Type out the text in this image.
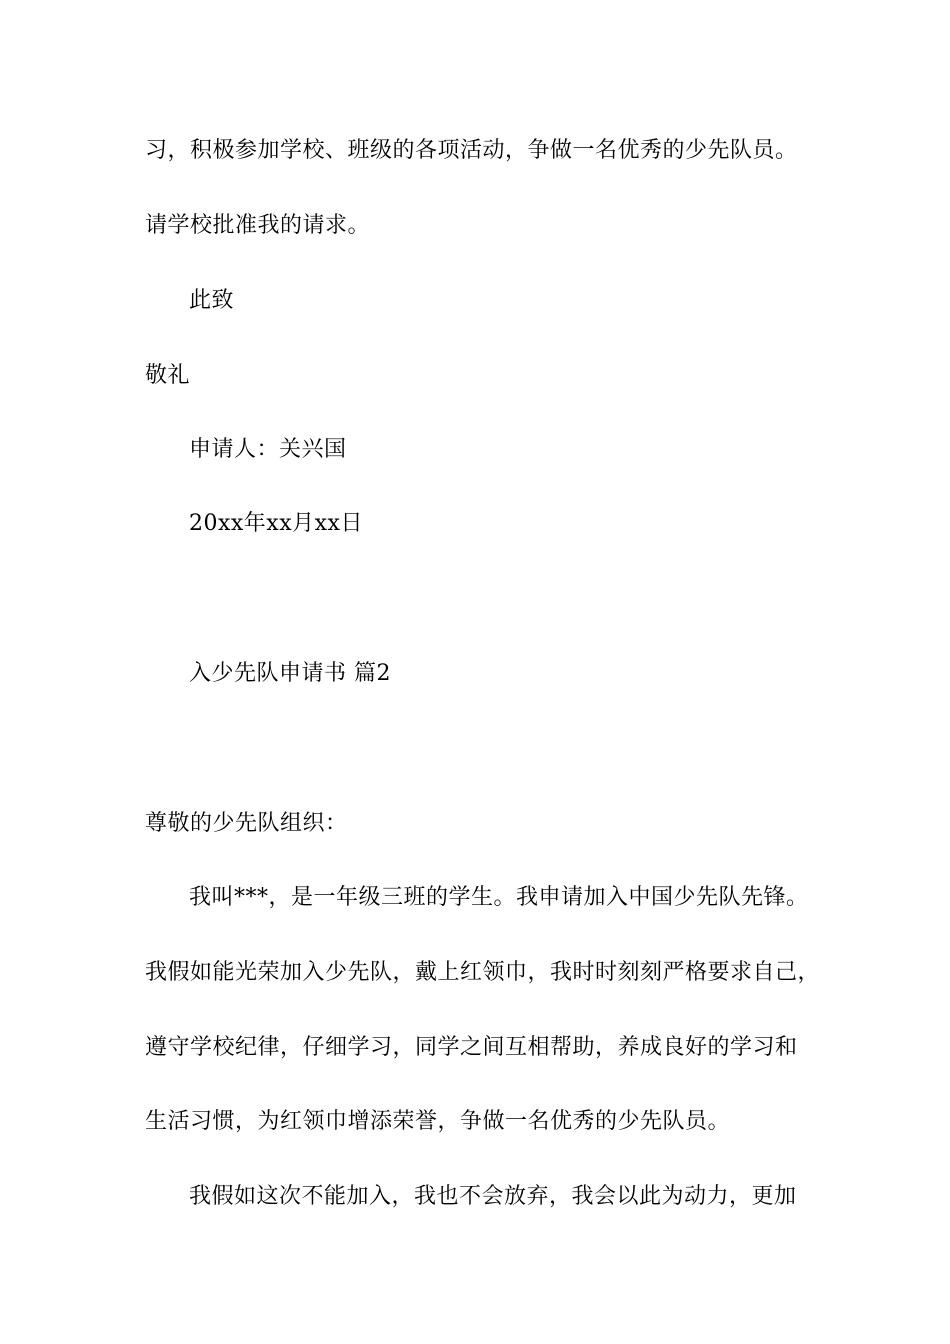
习，积极参加学校、班级的各项活动，争做一名优秀的少先队员。
请学校批准我的请求。
此致
敬礼
申请人：关兴国
20xx年xx月xx日
入少先队申请书 篇2
尊敬的少先队组织：
我叫***，是一年级三班的学生。我申请加入中国少先队先锋。
我假如能光荣加入少先队，戴上红领巾，我时时刻刻严格要求自己，
遵守学校纪律，仔细学习，同学之间互相帮助，养成良好的学习和
生活习惯，为红领巾增添荣誉，争做一名优秀的少先队员。
我假如这次不能加入，我也不会放弃，我会以此为动力，更加
